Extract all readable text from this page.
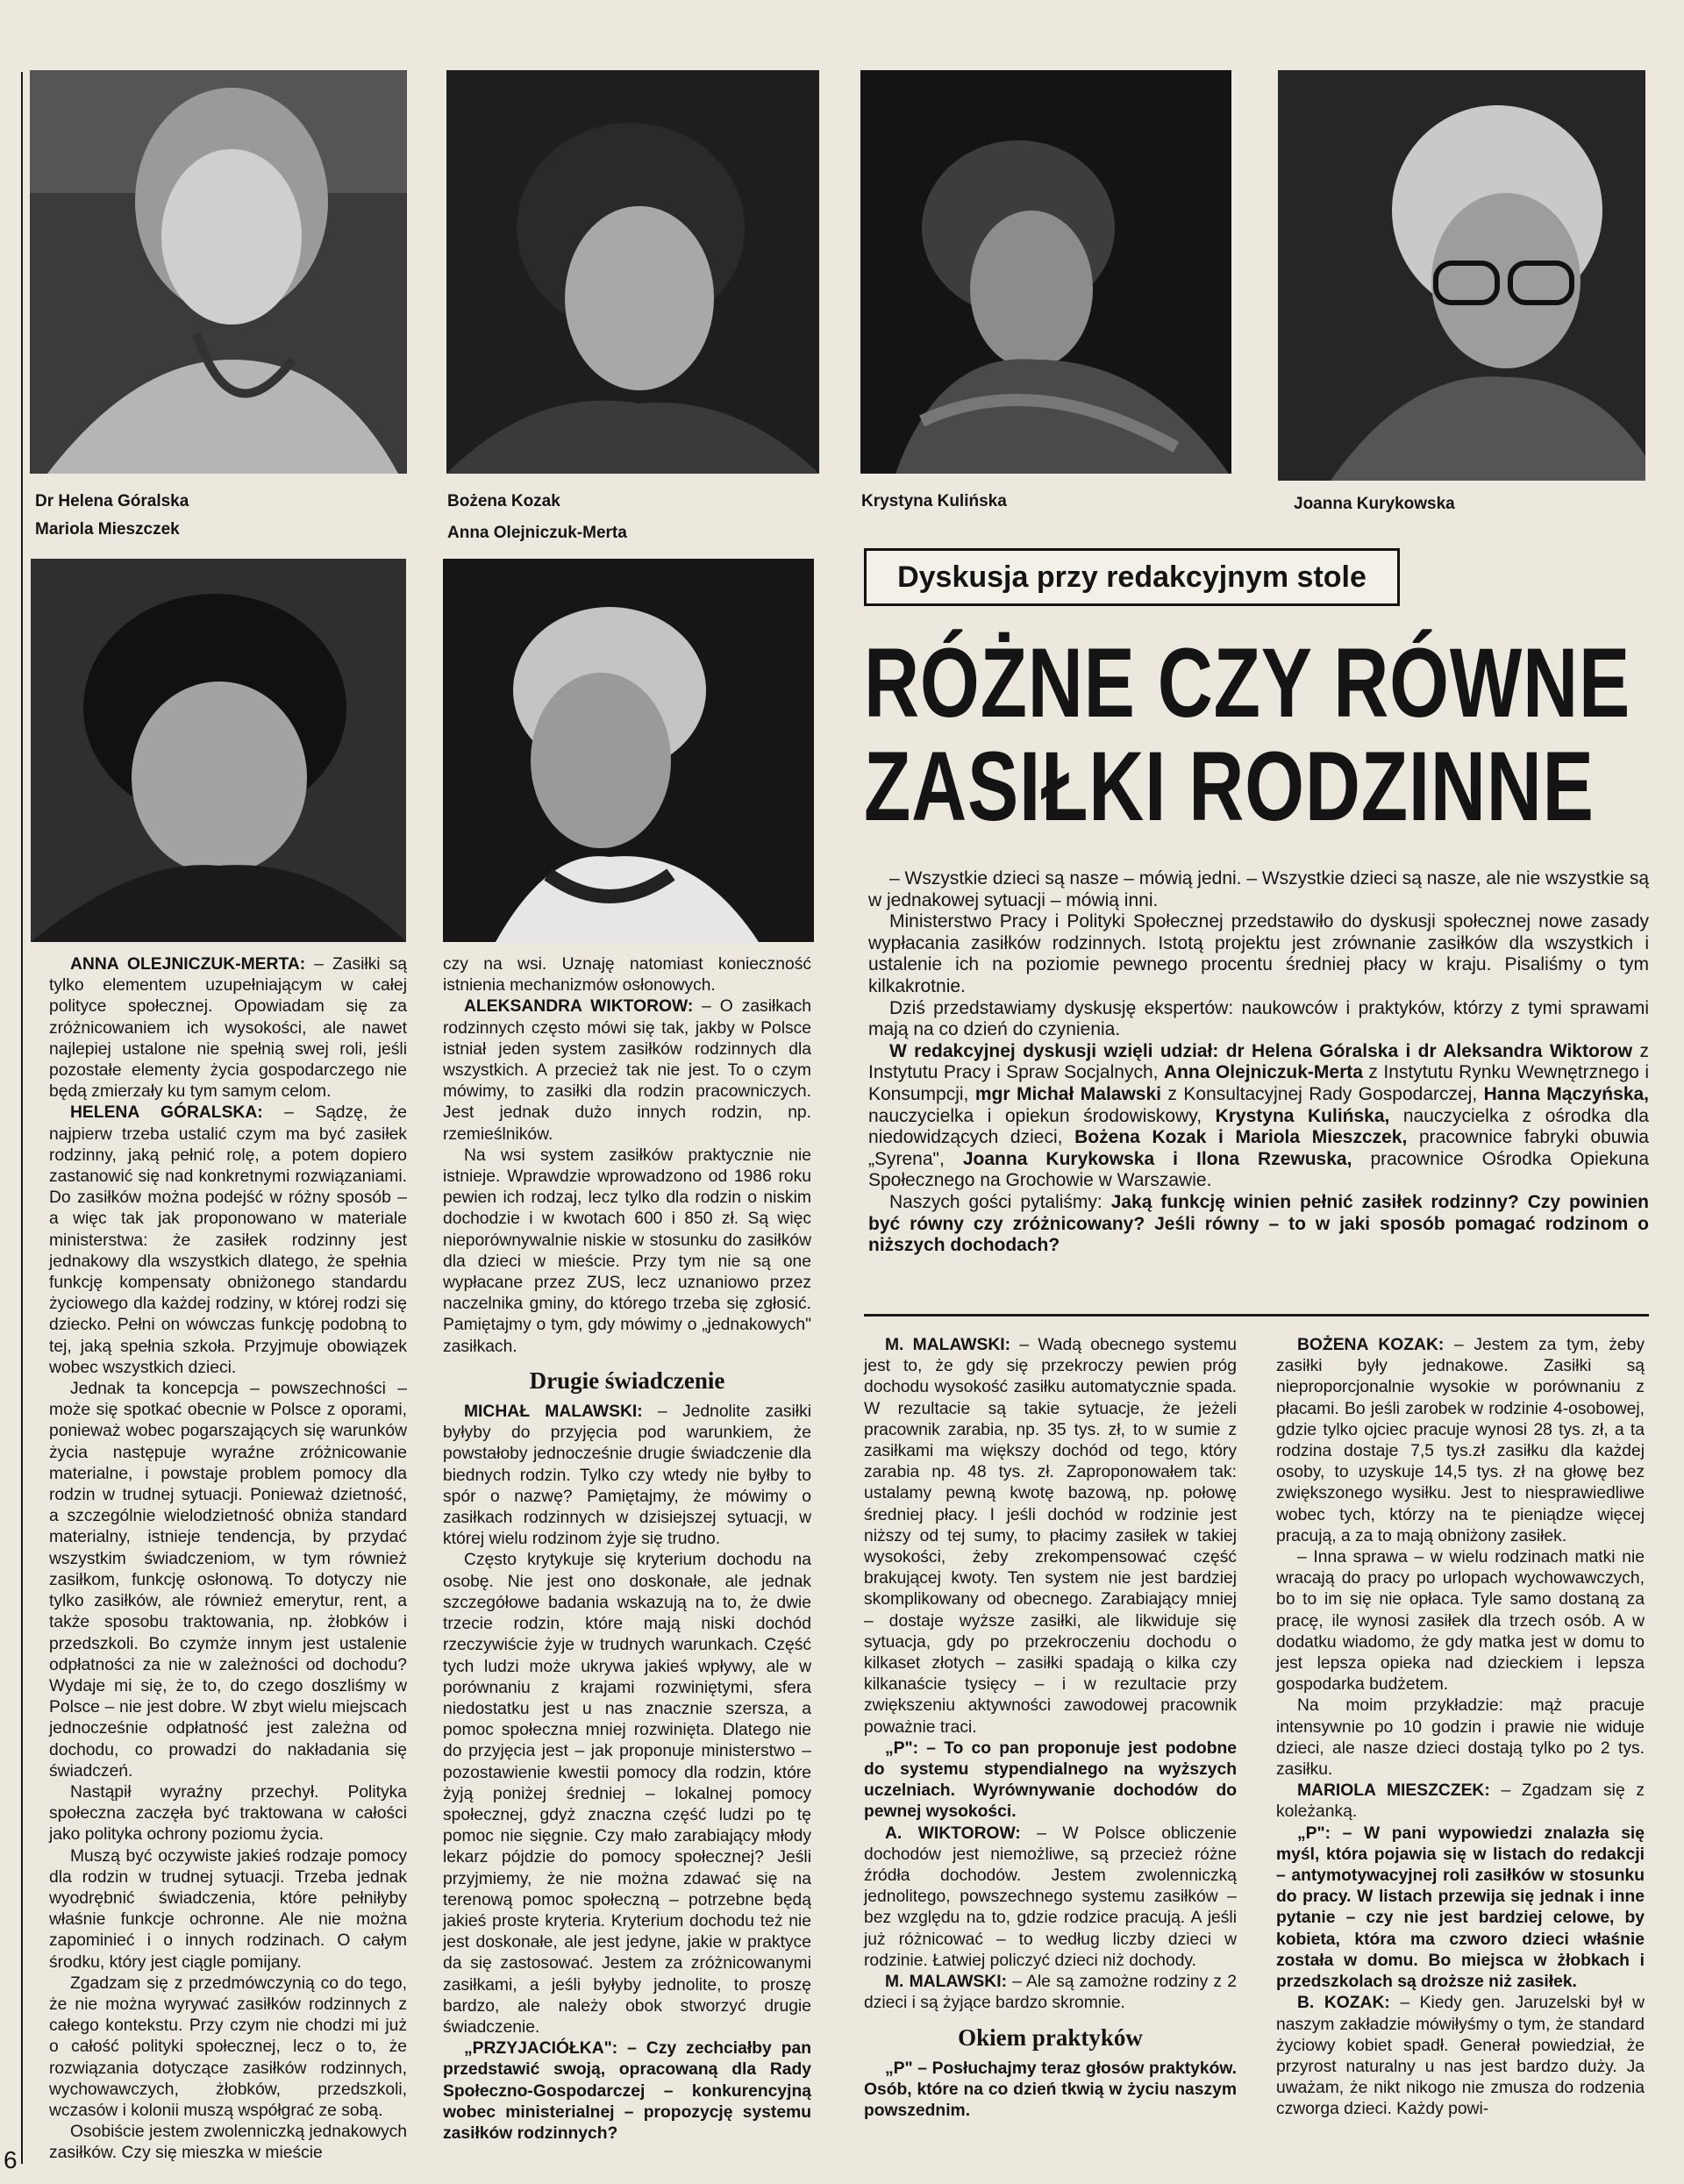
Dr Helena Góralska
Mariola Mieszczek
Bożena Kozak
Anna Olejniczuk-Merta
Krystyna Kulińska	Joanna Kurykowska
Dyskusja przy redakcyjnym stole
RÓŻNE CZY RÓWNE
ZASIŁKI RODZINNE

– Wszystkie dzieci są nasze – mówią jedni. – Wszystkie dzieci są nasze, ale nie wszystkie są w jednakowej sytuacji – mówią inni.

Ministerstwo Pracy i Polityki Społecznej przedstawiło do dyskusji społecznej nowe zasady wypłacania zasiłków rodzinnych. Istotą projektu jest zrównanie zasiłków dla wszystkich i ustalenie ich na poziomie pewnego procentu średniej płacy w kraju. Pisaliśmy o tym kilkakrotnie.

Dziś przedstawiamy dyskusję ekspertów: naukowców i praktyków, którzy z tymi sprawami mają na co dzień do czynienia.

W redakcyjnej dyskusji wzięli udział: dr Helena Góralska i dr Aleksandra Wiktorow z Instytutu Pracy i Spraw Socjalnych, Anna Olejniczuk-Merta z Instytutu Rynku Wewnętrznego i Konsumpcji, mgr Michał Malawski z Konsultacyjnej Rady Gospodarczej, Hanna Mączyńska, nauczycielka i opiekun środowiskowy, Krystyna Kulińska, nauczycielka z ośrodka dla niedowidzących dzieci, Bożena Kozak i Mariola Mieszczek, pracownice fabryki obuwia „Syrena", Joanna Kurykowska i Ilona Rzewuska, pracownice Ośrodka Opiekuna Społecznego na Grochowie w Warszawie.

Naszych gości pytaliśmy: Jaką funkcję winien pełnić zasiłek rodzinny? Czy powinien być równy czy zróżnicowany? Jeśli równy – to w jaki sposób pomagać rodzinom o niższych dochodach?

ANNA OLEJNICZUK-MERTA: – Zasiłki są tylko elementem uzupełniającym w całej polityce społecznej. Opowiadam się za zróżnicowaniem ich wysokości, ale nawet najlepiej ustalone nie spełnią swej roli, jeśli pozostałe elementy życia gospodarczego nie będą zmierzały ku tym samym celom.

HELENA GÓRALSKA: – Sądzę, że najpierw trzeba ustalić czym ma być zasiłek rodzinny, jaką pełnić rolę, a potem dopiero zastanowić się nad konkretnymi rozwiązaniami. Do zasiłków można podejść w różny sposób – a więc tak jak proponowano w materiale ministerstwa: że zasiłek rodzinny jest jednakowy dla wszystkich dlatego, że spełnia funkcję kompensaty obniżonego standardu życiowego dla każdej rodziny, w której rodzi się dziecko. Pełni on wówczas funkcję podobną to tej, jaką spełnia szkoła. Przyjmuje obowiązek wobec wszystkich dzieci.

Jednak ta koncepcja – powszechności – może się spotkać obecnie w Polsce z oporami, ponieważ wobec pogarszających się warunków życia następuje wyraźne zróżnicowanie materialne, i powstaje problem pomocy dla rodzin w trudnej sytuacji. Ponieważ dzietność, a szczególnie wielodzietność obniża standard materialny, istnieje tendencja, by przydać wszystkim świadczeniom, w tym również zasiłkom, funkcję osłonową. To dotyczy nie tylko zasiłków, ale również emerytur, rent, a także sposobu traktowania, np. żłobków i przedszkoli. Bo czymże innym jest ustalenie odpłatności za nie w zależności od dochodu? Wydaje mi się, że to, do czego doszliśmy w Polsce – nie jest dobre. W zbyt wielu miejscach jednocześnie odpłatność jest zależna od dochodu, co prowadzi do nakładania się świadczeń.

Nastąpił wyraźny przechył. Polityka społeczna zaczęła być traktowana w całości jako polityka ochrony poziomu życia.

Muszą być oczywiste jakieś rodzaje pomocy dla rodzin w trudnej sytuacji. Trzeba jednak wyodrębnić świadczenia, które pełniłyby właśnie funkcje ochronne. Ale nie można zapominieć i o innych rodzinach. O całym środku, który jest ciągle pomijany.

Zgadzam się z przedmówczynią co do tego, że nie można wyrywać zasiłków rodzinnych z całego kontekstu. Przy czym nie chodzi mi już o całość polityki społecznej, lecz o to, że rozwiązania dotyczące zasiłków rodzinnych, wychowawczych, żłobków, przedszkoli, wczasów i kolonii muszą współgrać ze sobą.

Osobiście jestem zwolenniczką jednakowych zasiłków. Czy się mieszka w mieście

czy na wsi. Uznaję natomiast konieczność istnienia mechanizmów osłonowych.

ALEKSANDRA WIKTOROW: – O zasiłkach rodzinnych często mówi się tak, jakby w Polsce istniał jeden system zasiłków rodzinnych dla wszystkich. A przecież tak nie jest. To o czym mówimy, to zasiłki dla rodzin pracowniczych. Jest jednak dużo innych rodzin, np. rzemieślników.

Na wsi system zasiłków praktycznie nie istnieje. Wprawdzie wprowadzono od 1986 roku pewien ich rodzaj, lecz tylko dla rodzin o niskim dochodzie i w kwotach 600 i 850 zł. Są więc nieporównywalnie niskie w stosunku do zasiłków dla dzieci w mieście. Przy tym nie są one wypłacane przez ZUS, lecz uznaniowo przez naczelnika gminy, do którego trzeba się zgłosić. Pamiętajmy o tym, gdy mówimy o „jednakowych" zasiłkach.

Drugie świadczenie

MICHAŁ MALAWSKI: – Jednolite zasiłki byłyby do przyjęcia pod warunkiem, że powstałoby jednocześnie drugie świadczenie dla biednych rodzin. Tylko czy wtedy nie byłby to spór o nazwę? Pamiętajmy, że mówimy o zasiłkach rodzinnych w dzisiejszej sytuacji, w której wielu rodzinom żyje się trudno.

Często krytykuje się kryterium dochodu na osobę. Nie jest ono doskonałe, ale jednak szczegółowe badania wskazują na to, że dwie trzecie rodzin, które mają niski dochód rzeczywiście żyje w trudnych warunkach. Część tych ludzi może ukrywa jakieś wpływy, ale w porównaniu z krajami rozwiniętymi, sfera niedostatku jest u nas znacznie szersza, a pomoc społeczna mniej rozwinięta. Dlatego nie do przyjęcia jest – jak proponuje ministerstwo – pozostawienie kwestii pomocy dla rodzin, które żyją poniżej średniej – lokalnej pomocy społecznej, gdyż znaczna część ludzi po tę pomoc nie sięgnie. Czy mało zarabiający młody lekarz pójdzie do pomocy społecznej? Jeśli przyjmiemy, że nie można zdawać się na terenową pomoc społeczną – potrzebne będą jakieś proste kryteria. Kryterium dochodu też nie jest doskonałe, ale jest jedyne, jakie w praktyce da się zastosować. Jestem za zróżnicowanymi zasiłkami, a jeśli byłyby jednolite, to proszę bardzo, ale należy obok stworzyć drugie świadczenie.

„PRZYJACIÓŁKA": – Czy zechciałby pan przedstawić swoją, opracowaną dla Rady Społeczno-Gospodarczej – konkurencyjną wobec ministerialnej – propozycję systemu zasiłków rodzinnych?

M. MALAWSKI: – Wadą obecnego systemu jest to, że gdy się przekroczy pewien próg dochodu wysokość zasiłku automatycznie spada. W rezultacie są takie sytuacje, że jeżeli pracownik zarabia, np. 35 tys. zł, to w sumie z zasiłkami ma większy dochód od tego, który zarabia np. 48 tys. zł. Zaproponowałem tak: ustalamy pewną kwotę bazową, np. połowę średniej płacy. I jeśli dochód w rodzinie jest niższy od tej sumy, to płacimy zasiłek w takiej wysokości, żeby zrekompensować część brakującej kwoty. Ten system nie jest bardziej skomplikowany od obecnego. Zarabiający mniej – dostaje wyższe zasiłki, ale likwiduje się sytuacja, gdy po przekroczeniu dochodu o kilkaset złotych – zasiłki spadają o kilka czy kilkanaście tysięcy – i w rezultacie przy zwiększeniu aktywności zawodowej pracownik poważnie traci.

„P": – To co pan proponuje jest podobne do systemu stypendialnego na wyższych uczelniach. Wyrównywanie dochodów do pewnej wysokości.

A. WIKTOROW: – W Polsce obliczenie dochodów jest niemożliwe, są przecież różne źródła dochodów. Jestem zwolenniczką jednolitego, powszechnego systemu zasiłków – bez względu na to, gdzie rodzice pracują. A jeśli już różnicować – to według liczby dzieci w rodzinie. Łatwiej policzyć dzieci niż dochody.

M. MALAWSKI: – Ale są zamożne rodziny z 2 dzieci i są żyjące bardzo skromnie.

Okiem praktyków

„P" – Posłuchajmy teraz głosów praktyków. Osób, które na co dzień tkwią w życiu naszym powszednim.

BOŻENA KOZAK: – Jestem za tym, żeby zasiłki były jednakowe. Zasiłki są nieproporcjonalnie wysokie w porównaniu z płacami. Bo jeśli zarobek w rodzinie 4-osobowej, gdzie tylko ojciec pracuje wynosi 28 tys. zł, a ta rodzina dostaje 7,5 tys.zł zasiłku dla każdej osoby, to uzyskuje 14,5 tys. zł na głowę bez zwiększonego wysiłku. Jest to niesprawiedliwe wobec tych, którzy na te pieniądze więcej pracują, a za to mają obniżony zasiłek.

– Inna sprawa – w wielu rodzinach matki nie wracają do pracy po urlopach wychowawczych, bo to im się nie opłaca. Tyle samo dostaną za pracę, ile wynosi zasiłek dla trzech osób. A w dodatku wiadomo, że gdy matka jest w domu to jest lepsza opieka nad dzieckiem i lepsza gospodarka budżetem.

Na moim przykładzie: mąż pracuje intensywnie po 10 godzin i prawie nie widuje dzieci, ale nasze dzieci dostają tylko po 2 tys. zasiłku.

MARIOLA MIESZCZEK: – Zgadzam się z koleżanką.

„P": – W pani wypowiedzi znalazła się myśl, która pojawia się w listach do redakcji – antymotywacyjnej roli zasiłków w stosunku do pracy. W listach przewija się jednak i inne pytanie – czy nie jest bardziej celowe, by kobieta, która ma czworo dzieci właśnie została w domu. Bo miejsca w żłobkach i przedszkolach są droższe niż zasiłek.

B. KOZAK: – Kiedy gen. Jaruzelski był w naszym zakładzie mówiłyśmy o tym, że standard życiowy kobiet spadł. Generał powiedział, że przyrost naturalny u nas jest bardzo duży. Ja uważam, że nikt nikogo nie zmusza do rodzenia czworga dzieci. Każdy powi-

6
